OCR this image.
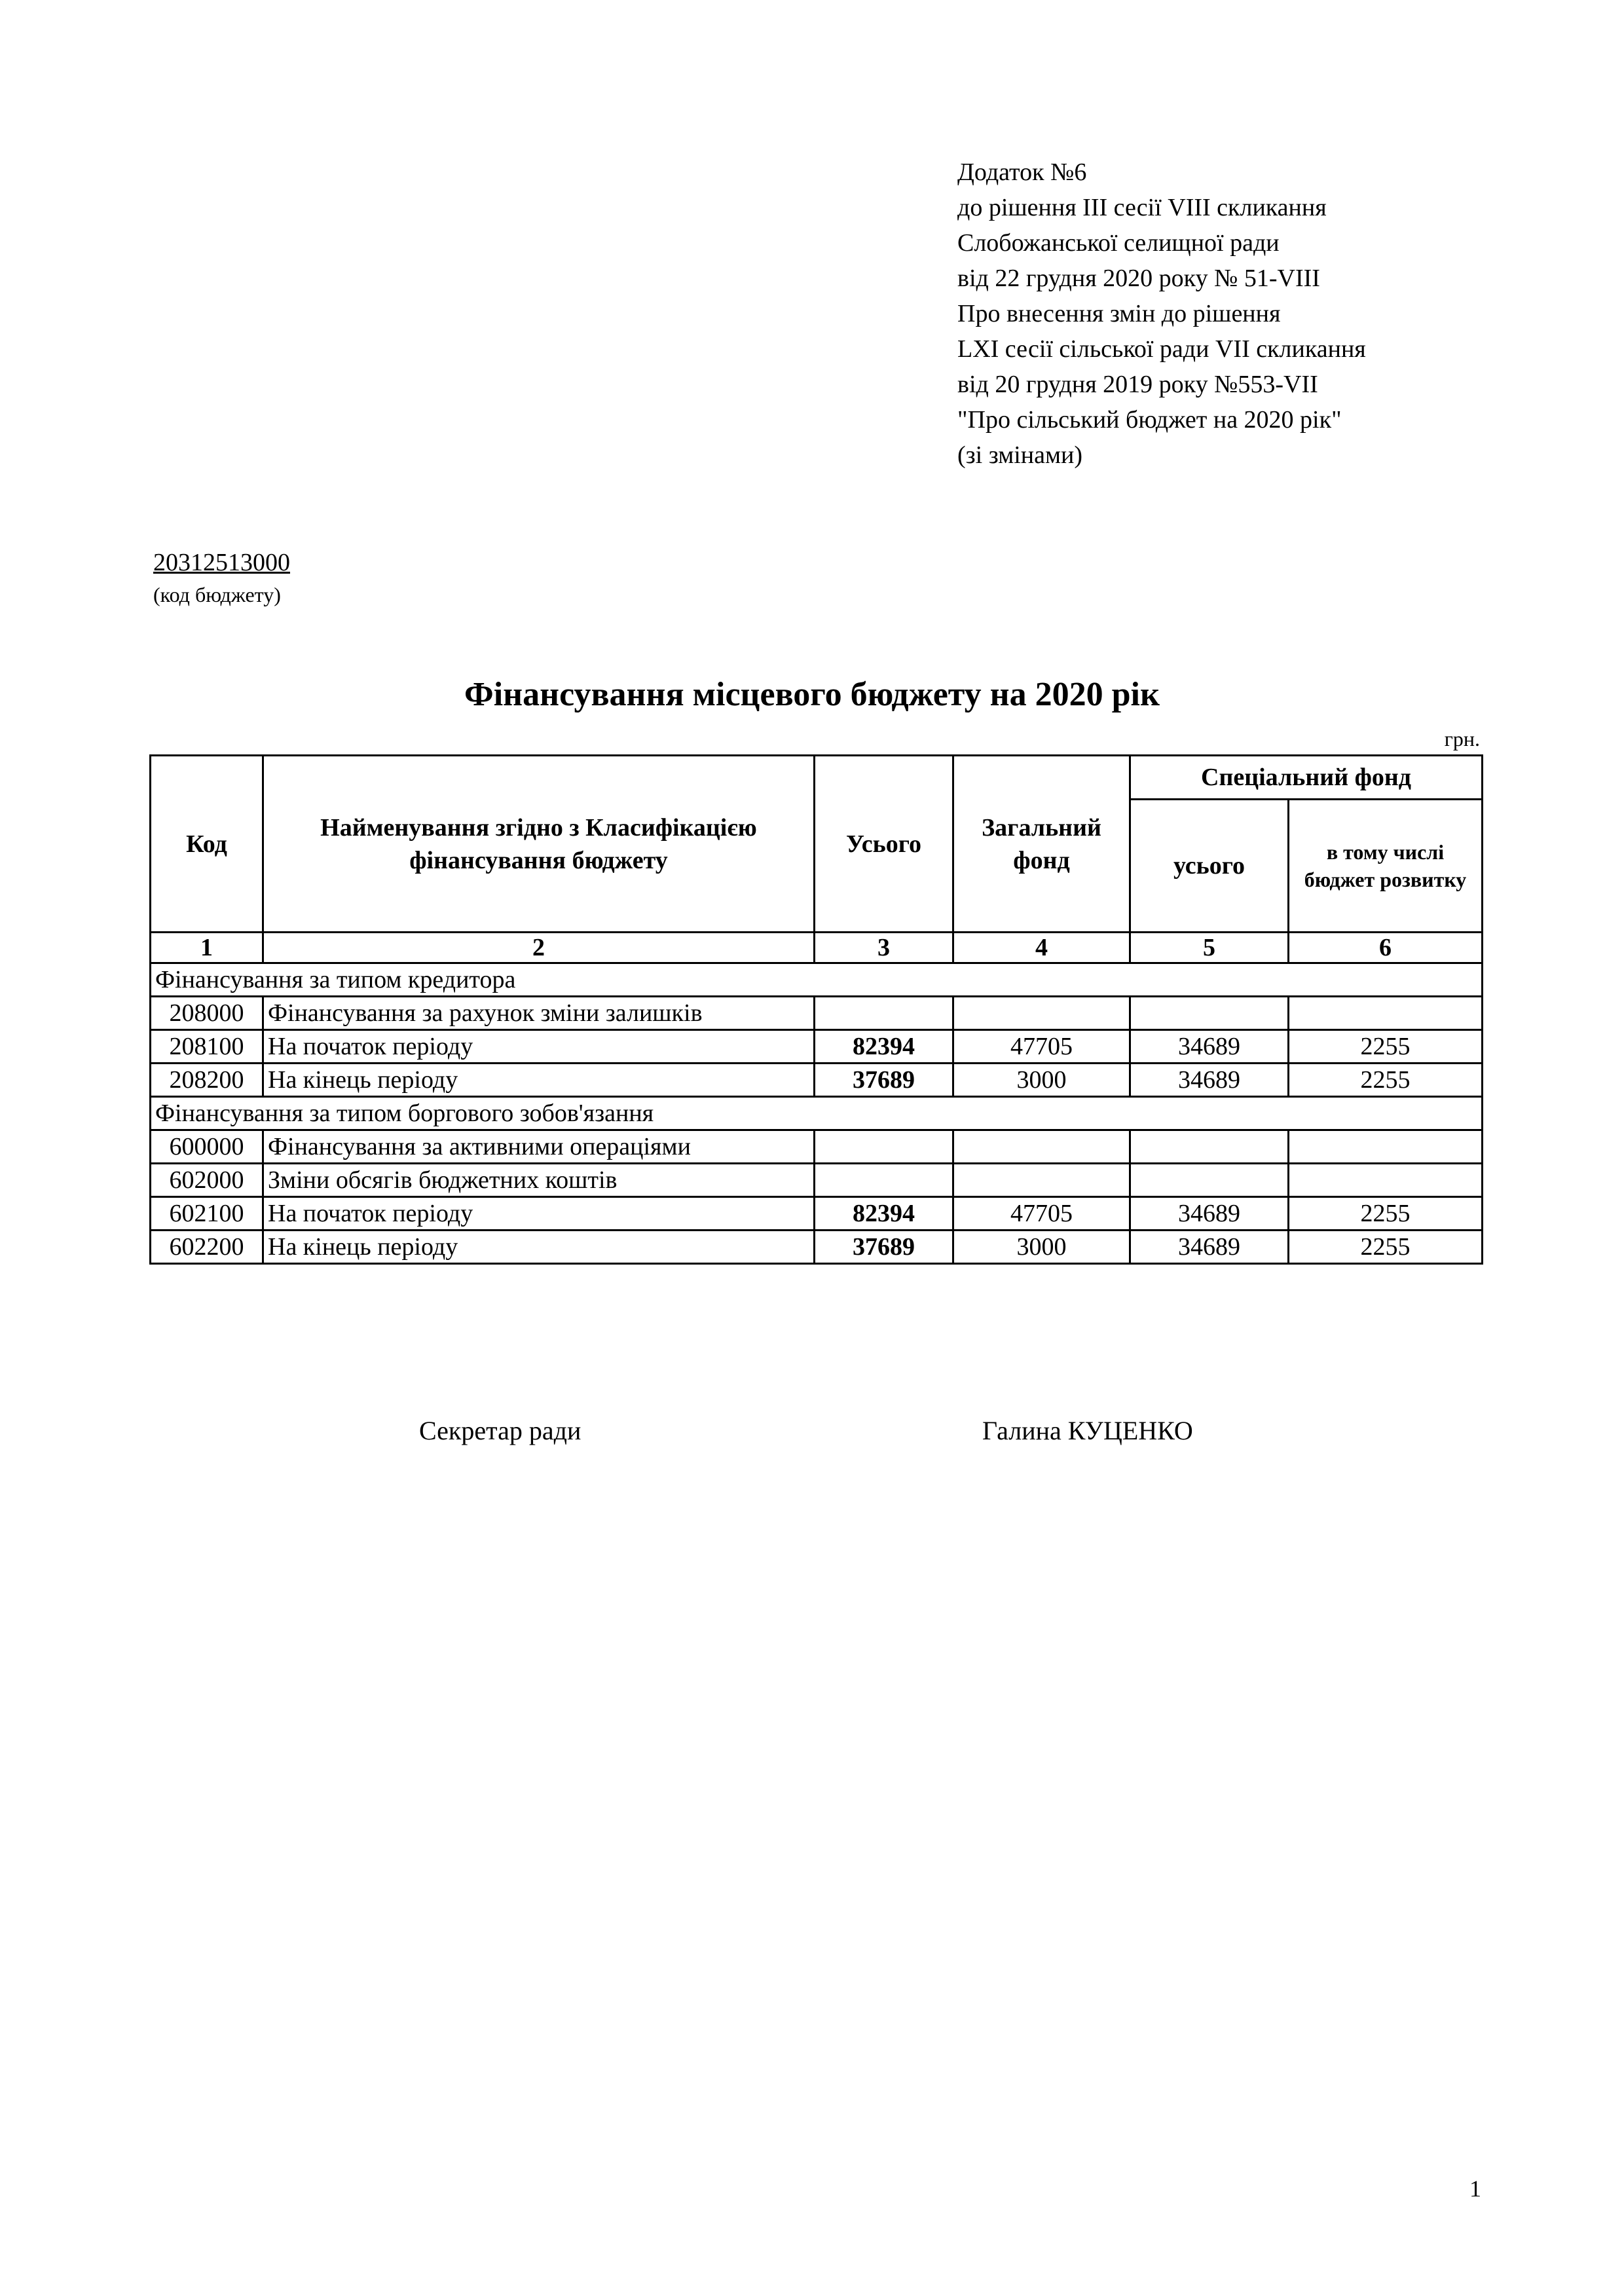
Додаток №6
до рішення ІІІ сесії VІІІ скликання
Слобожанської селищної ради
від 22 грудня 2020 року № 51-VІІІ
Про внесення змін до рішення
LXI сесії сільської ради VII скликання
від 20 грудня 2019 року №553-VII
"Про сільський бюджет на 2020 рік"
(зі змінами)
20312513000
(код бюджету)
Фінансування місцевого бюджету на 2020 рік
грн.
Код	Найменування згідно з Класифікацією фінансування бюджету	Усього	Загальний фонд	Спеціальний фонд	
				усього	в тому числі бюджет розвитку
1	2	3	4	5	6
Фінансування за типом кредитора					
208000	Фінансування за рахунок зміни залишків				
208100	На початок періоду	82394	47705	34689	2255
208200	На кінець періоду	37689	3000	34689	2255
Фінансування за типом боргового зобов'язання					
600000	Фінансування за активними операціями				
602000	Зміни обсягів бюджетних коштів				
602100	На початок періоду	82394	47705	34689	2255
602200	На кінець періоду	37689	3000	34689	2255
Секретар ради	Галина КУЦЕНКО
1
